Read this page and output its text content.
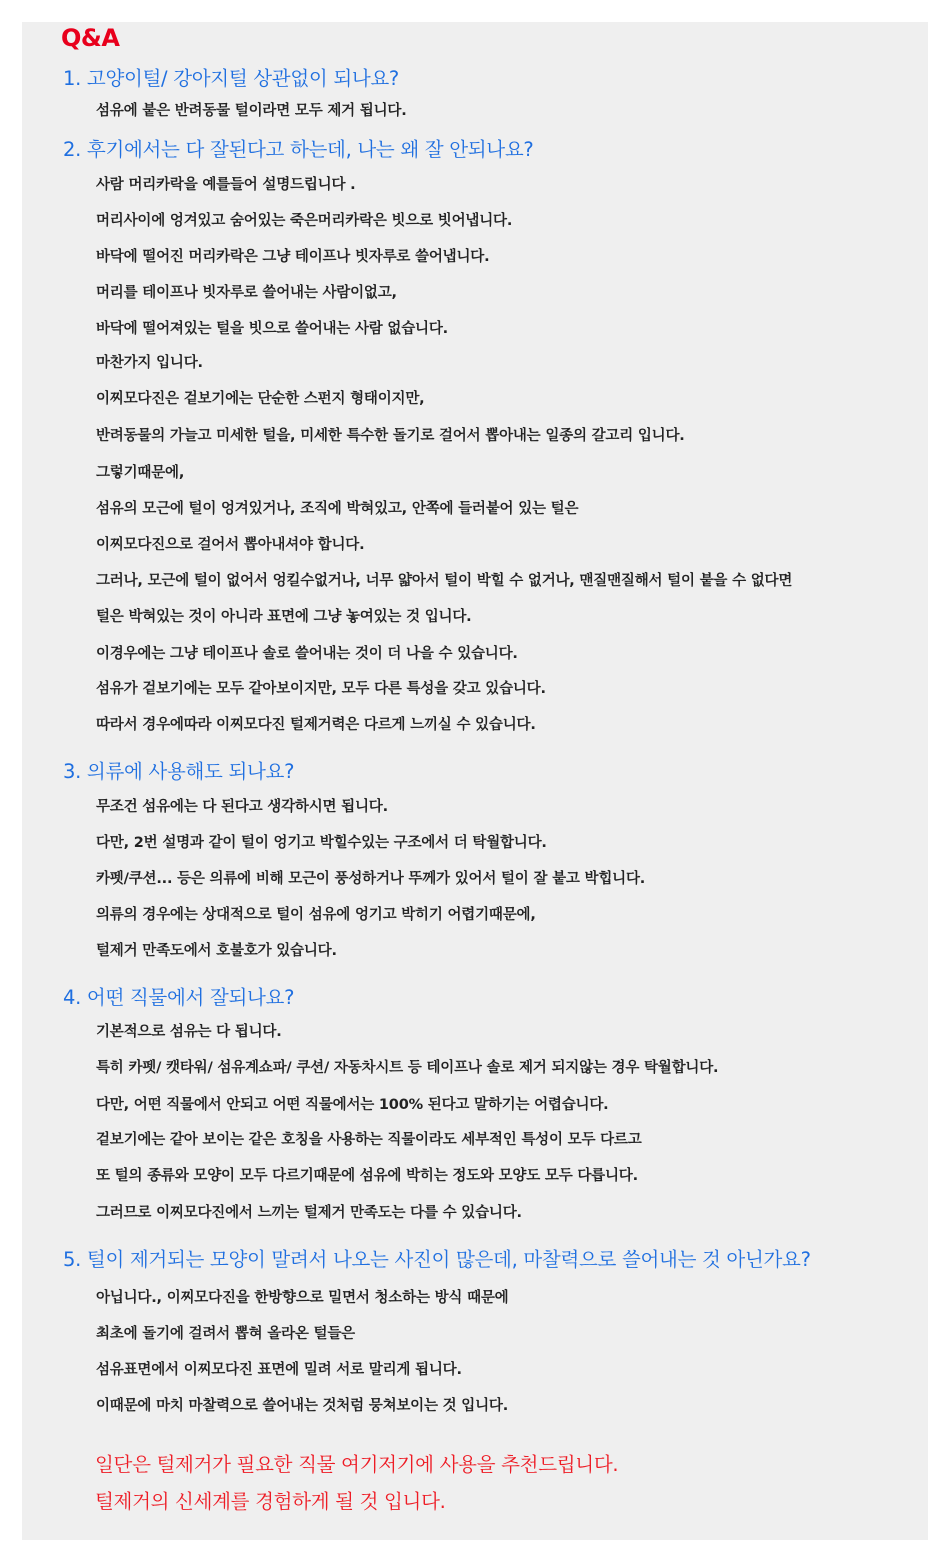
Q&A
1. 고양이털/ 강아지털 상관없이 되나요?
섬유에 붙은 반려동물 털이라면 모두 제거 됩니다.
2. 후기에서는 다 잘된다고 하는데, 나는 왜 잘 안되나요?
사람 머리카락을 예를들어 설명드립니다 .
머리사이에 엉겨있고 숨어있는 죽은머리카락은 빗으로 빗어냅니다.
바닥에 떨어진 머리카락은 그냥 테이프나 빗자루로 쓸어냅니다.
머리를 테이프나 빗자루로 쓸어내는 사람이없고,
바닥에 떨어져있는 털을 빗으로 쓸어내는 사람 없습니다.
마찬가지 입니다.
이찌모다진은 겉보기에는 단순한 스펀지 형태이지만,
반려동물의 가늘고 미세한 털을, 미세한 특수한 돌기로 걸어서 뽑아내는 일종의 갈고리 입니다.
그렇기때문에,
섬유의 모근에 털이 엉겨있거나, 조직에 박혀있고, 안쪽에 들러붙어 있는 털은
이찌모다진으로 걸어서 뽑아내셔야 합니다.
그러나, 모근에 털이 없어서 엉킬수없거나, 너무 얇아서 털이 박힐 수 없거나, 맨질맨질해서 털이 붙을 수 없다면
털은 박혀있는 것이 아니라 표면에 그냥 놓여있는 것 입니다.
이경우에는 그냥 테이프나 솔로 쓸어내는 것이 더 나을 수 있습니다.
섬유가 겉보기에는 모두 같아보이지만, 모두 다른 특성을 갖고 있습니다.
따라서 경우에따라 이찌모다진 털제거력은 다르게 느끼실 수 있습니다.
3. 의류에 사용해도 되나요?
무조건 섬유에는 다 된다고 생각하시면 됩니다.
다만, 2번 설명과 같이 털이 엉기고 박힐수있는 구조에서 더 탁월합니다.
카펫/쿠션... 등은 의류에 비해 모근이 풍성하거나 뚜께가 있어서 털이 잘 붙고 박힙니다.
의류의 경우에는 상대적으로 털이 섬유에 엉기고 박히기 어렵기때문에,
털제거 만족도에서 호불호가 있습니다.
4. 어떤 직물에서 잘되나요?
기본적으로 섬유는 다 됩니다.
특히 카펫/ 캣타워/ 섬유계쇼파/ 쿠션/ 자동차시트 등 테이프나 솔로 제거 되지않는 경우 탁월합니다.
다만, 어떤 직물에서 안되고 어떤 직물에서는 100% 된다고 말하기는 어렵습니다.
겉보기에는 같아 보이는 같은 호칭을 사용하는 직물이라도 세부적인 특성이 모두 다르고
또 털의 종류와 모양이 모두 다르기때문에 섬유에 박히는 정도와 모양도 모두 다릅니다.
그러므로 이찌모다진에서 느끼는 털제거 만족도는 다를 수 있습니다.
5. 털이 제거되는 모양이 말려서 나오는 사진이 많은데, 마찰력으로 쓸어내는 것 아닌가요?
아닙니다., 이찌모다진을 한방향으로 밀면서 청소하는 방식 때문에
최초에 돌기에 걸려서 뽑혀 올라온 털들은
섬유표면에서 이찌모다진 표면에 밀려 서로 말리게 됩니다.
이때문에 마치 마찰력으로 쓸어내는 것처럼 뭉쳐보이는 것 입니다.
일단은 털제거가 필요한 직물 여기저기에 사용을 추천드립니다.
털제거의 신세계를 경험하게 될 것 입니다.
